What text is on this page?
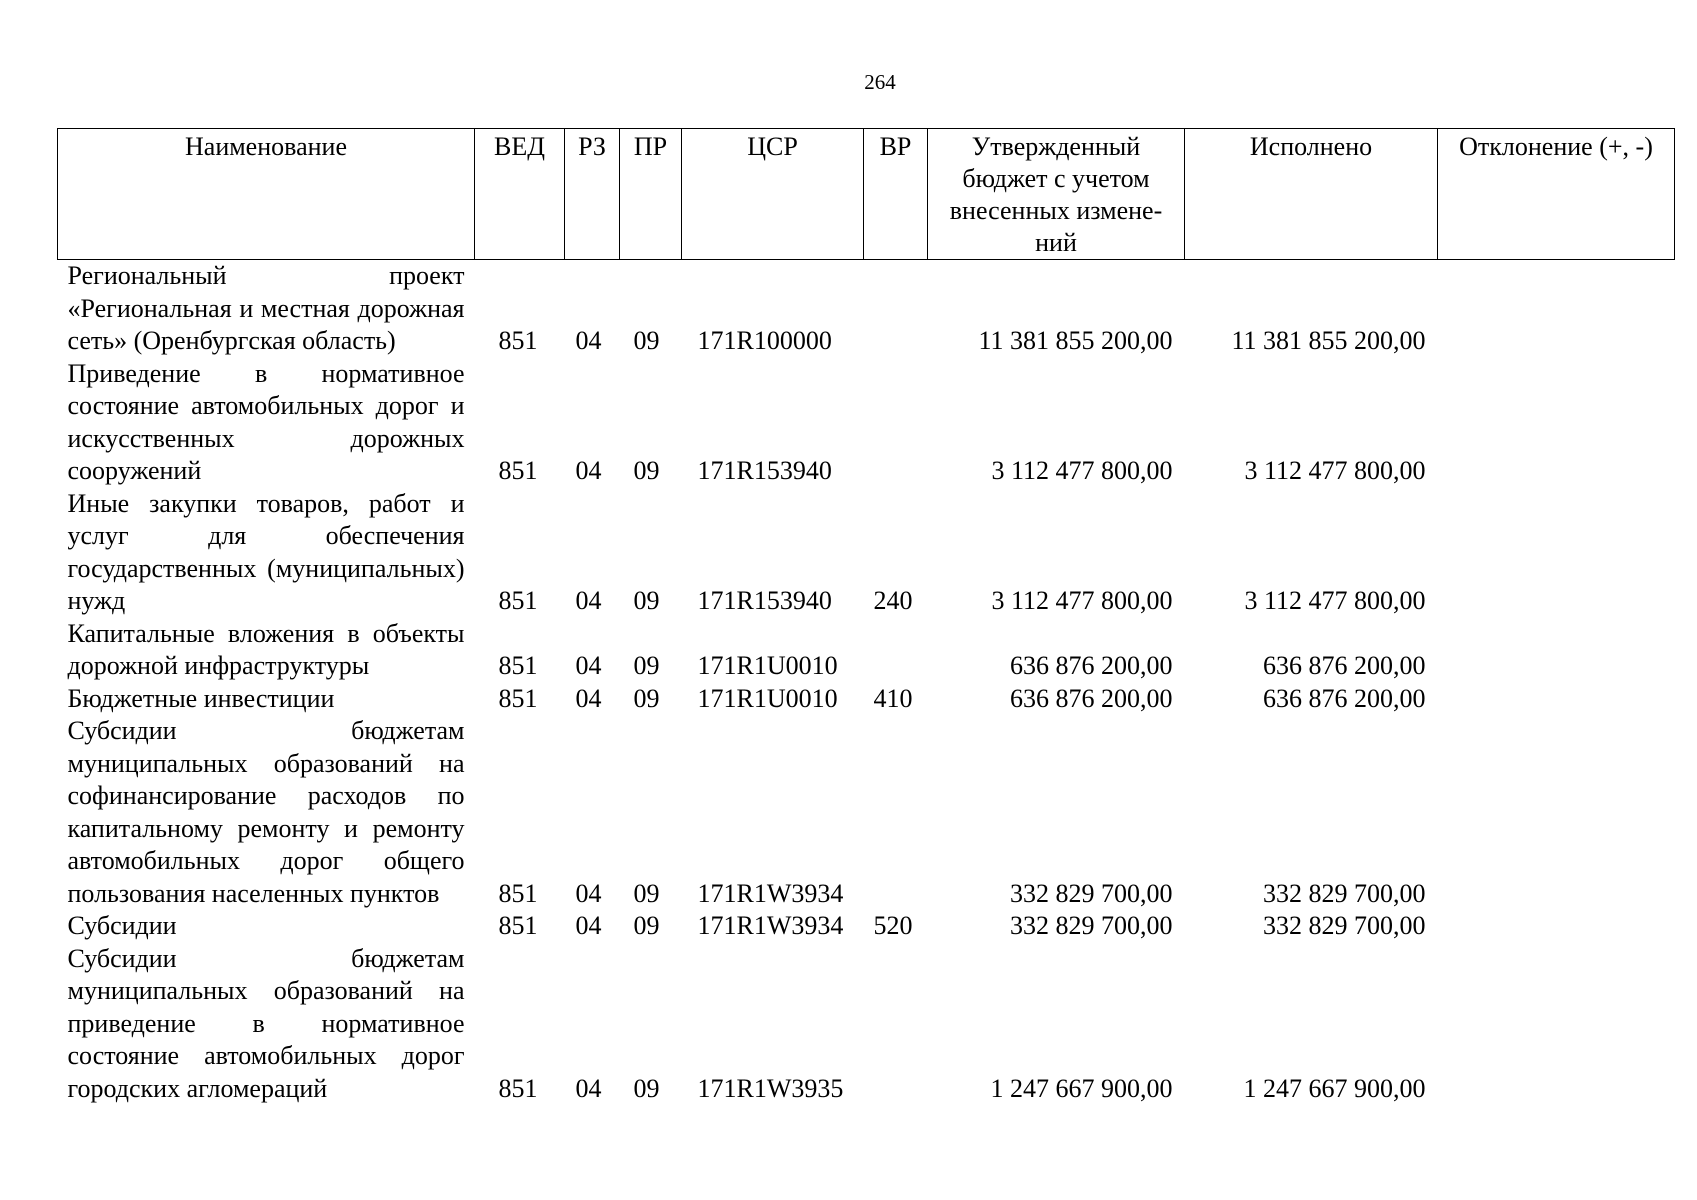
264
Наименование	ВЕД	РЗ	ПР	ЦСР	ВР	Утвержденный бюджет с учетом внесенных измене- ний	Исполнено	Отклонение (+, -)
Региональный проект «Региональная и местная дорожная сеть» (Оренбургская область)	851	04	09	171R100000		11 381 855 200,00	11 381 855 200,00	
Приведение в нормативное состояние автомобильных дорог и искусственных дорожных сооружений	851	04	09	171R153940		3 112 477 800,00	3 112 477 800,00	
Иные закупки товаров, работ и услуг для обеспечения государственных (муниципальных) нужд	851	04	09	171R153940	240	3 112 477 800,00	3 112 477 800,00	
Капитальные вложения в объекты дорожной инфраструктуры	851	04	09	171R1U0010		636 876 200,00	636 876 200,00	
Бюджетные инвестиции	851	04	09	171R1U0010	410	636 876 200,00	636 876 200,00	
Субсидии бюджетам муниципальных образований на софинансирование расходов по капитальному ремонту и ремонту автомобильных дорог общего пользования населенных пунктов	851	04	09	171R1W3934		332 829 700,00	332 829 700,00	
Субсидии	851	04	09	171R1W3934	520	332 829 700,00	332 829 700,00	
Субсидии бюджетам муниципальных образований на приведение в нормативное состояние автомобильных дорог городских агломераций	851	04	09	171R1W3935		1 247 667 900,00	1 247 667 900,00	
